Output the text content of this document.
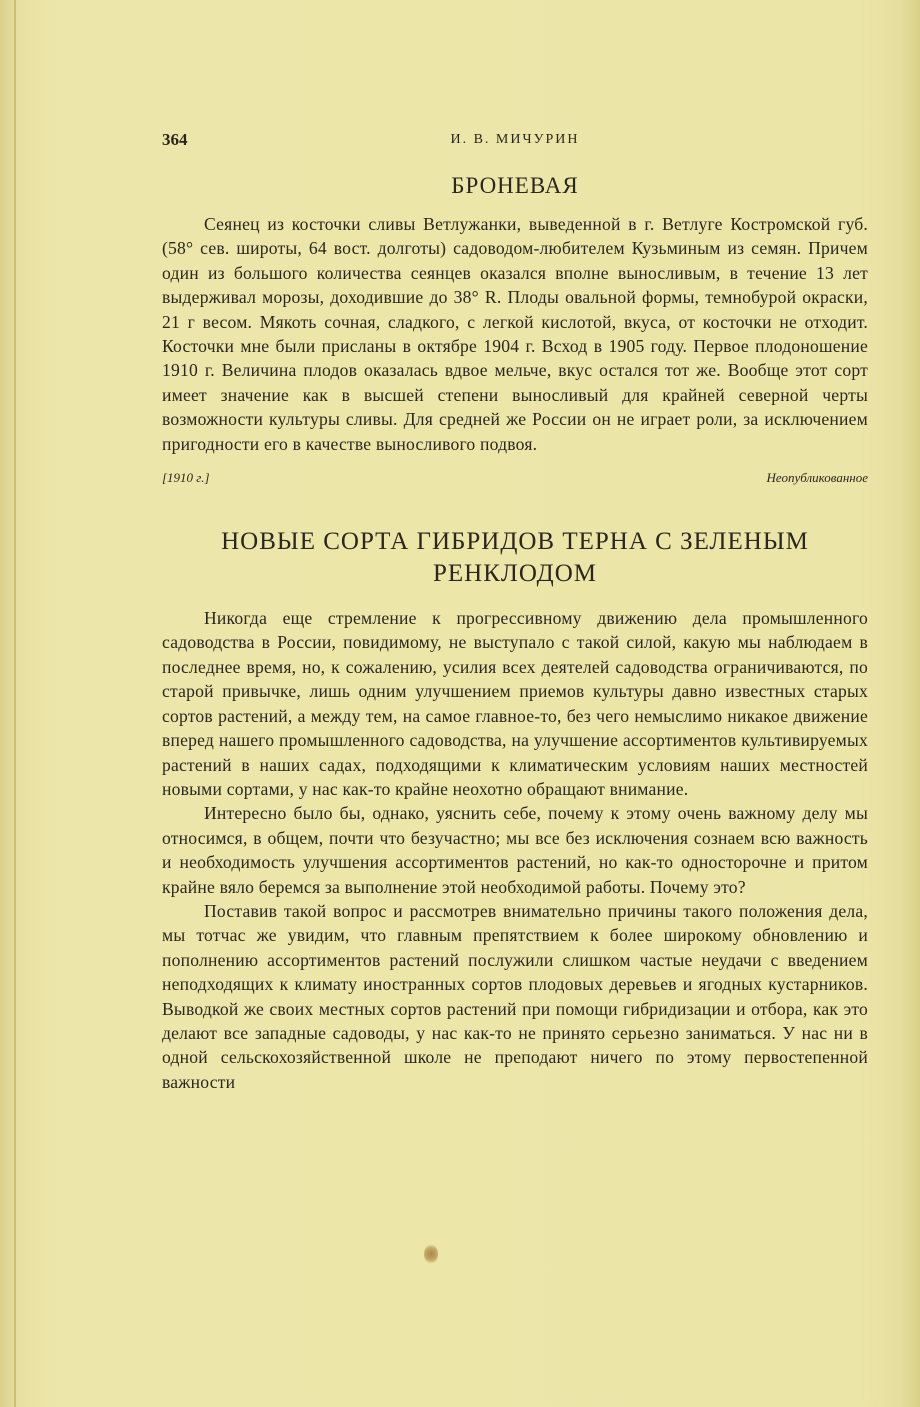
364	И. В. МИЧУРИН
БРОНЕВАЯ

Сеянец из косточки сливы Ветлужанки, выведенной в г. Ветлуге Костромской губ. (58° сев. широты, 64 вост. долготы) садоводом-любителем Кузьминым из семян. Причем один из большого количества сеянцев оказался вполне выносливым, в течение 13 лет выдерживал морозы, доходившие до 38° R. Плоды овальной формы, темнобурой окраски, 21 г весом. Мякоть сочная, сладкого, с легкой кислотой, вкуса, от косточки не отходит. Косточки мне были присланы в октябре 1904 г. Всход в 1905 году. Первое плодоношение 1910 г. Величина плодов оказалась вдвое мельче, вкус остался тот же. Вообще этот сорт имеет значение как в высшей степени выносливый для крайней северной черты возможности культуры сливы. Для средней же России он не играет роли, за исключением пригодности его в качестве выносливого подвоя.

[1910 г.]	Неопубликованное
НОВЫЕ СОРТА ГИБРИДОВ ТЕРНА С ЗЕЛЕНЫМ РЕНКЛОДОМ

Никогда еще стремление к прогрессивному движению дела промышленного садоводства в России, повидимому, не выступало с такой силой, какую мы наблюдаем в последнее время, но, к сожалению, усилия всех деятелей садоводства ограничиваются, по старой привычке, лишь одним улучшением приемов культуры давно известных старых сортов растений, а между тем, на самое главное-то, без чего немыслимо никакое движение вперед нашего промышленного садоводства, на улучшение ассортиментов культивируемых растений в наших садах, подходящими к климатическим условиям наших местностей новыми сортами, у нас как-то крайне неохотно обращают внимание.

Интересно было бы, однако, уяснить себе, почему к этому очень важному делу мы относимся, в общем, почти что безучастно; мы все без исключения сознаем всю важность и необходимость улучшения ассортиментов растений, но как-то односторочне и притом крайне вяло беремся за выполнение этой необходимой работы. Почему это?

Поставив такой вопрос и рассмотрев внимательно причины такого положения дела, мы тотчас же увидим, что главным препятствием к более широкому обновлению и пополнению ассортиментов растений послужили слишком частые неудачи с введением неподходящих к климату иностранных сортов плодовых деревьев и ягодных кустарников. Выводкой же своих местных сортов растений при помощи гибридизации и отбора, как это делают все западные садоводы, у нас как-то не принято серьезно заниматься. У нас ни в одной сельскохозяйственной школе не преподают ничего по этому первостепенной важности
